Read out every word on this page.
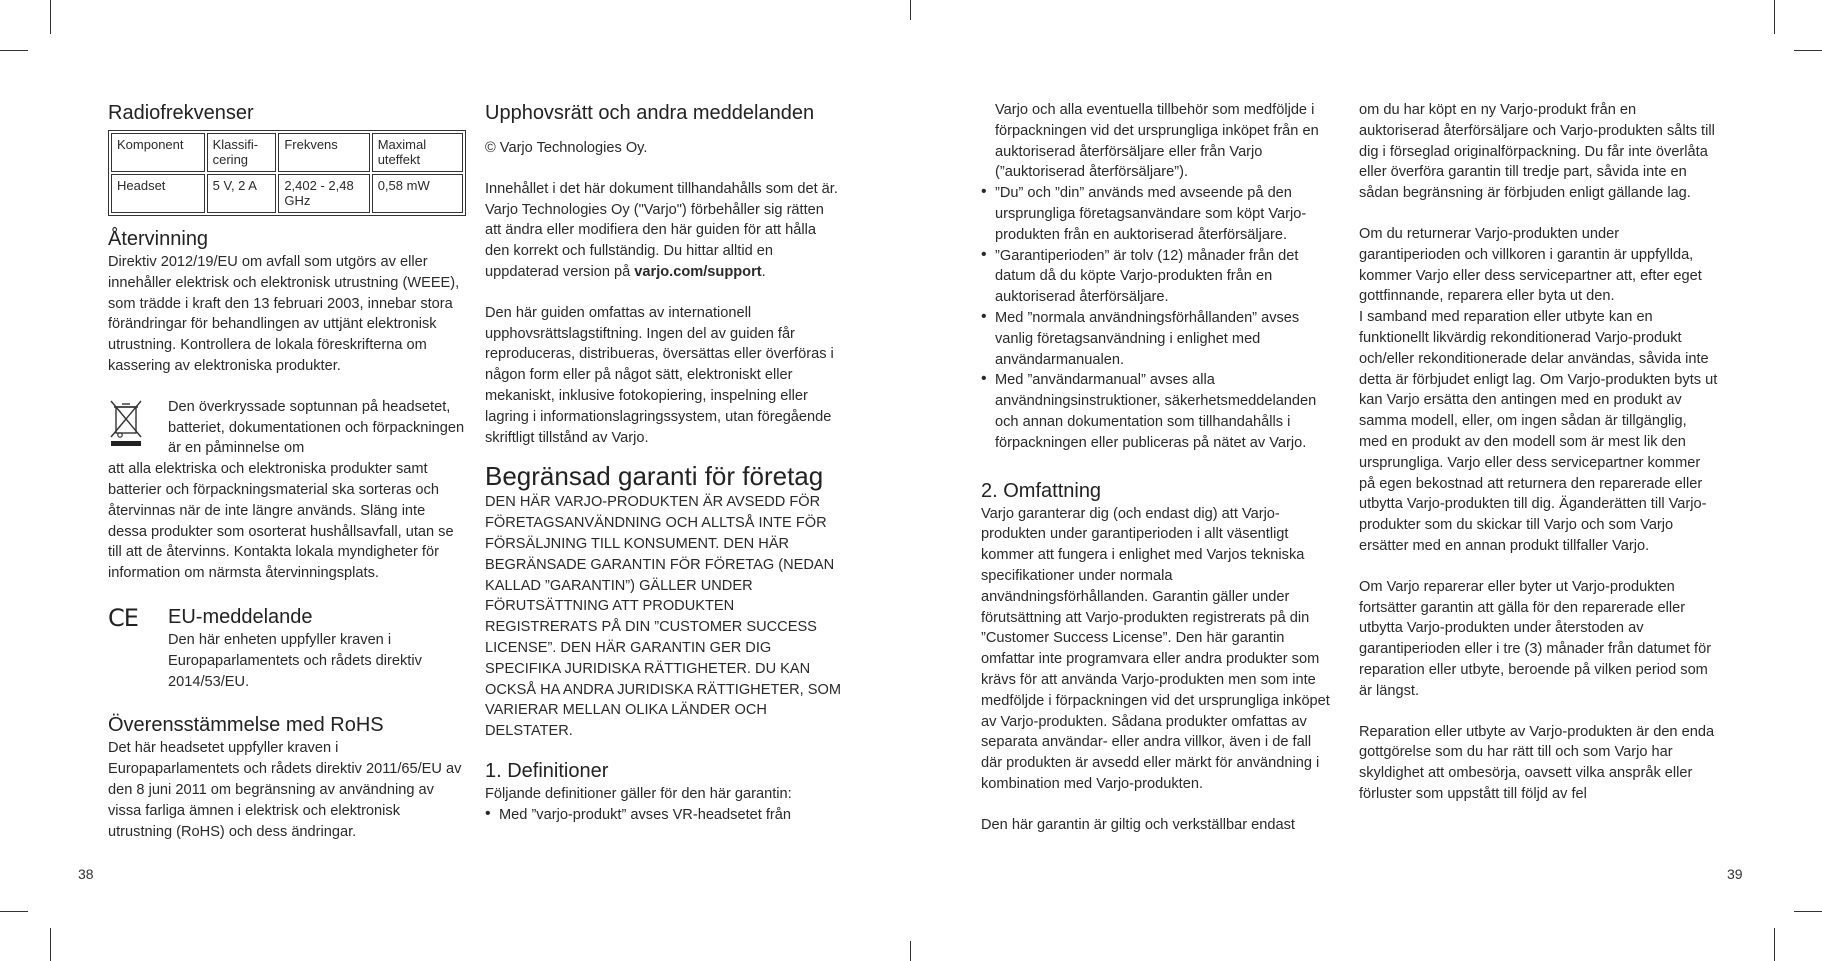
Radiofrekvenser
Komponent	Klassifi-cering	Frekvens	Maximal uteffekt
Headset	5 V, 2 A	2,402 - 2,48 GHz	0,58 mW
Återvinning

Direktiv 2012/19/EU om avfall som utgörs av eller innehåller elektrisk och elektronisk utrustning (WEEE), som trädde i kraft den 13 februari 2003, innebar stora förändringar för behandlingen av uttjänt elektronisk utrustning. Kontrollera de lokala föreskrifterna om kassering av elektroniska produkter.

Den överkryssade soptunnan på headsetet, batteriet, dokumentationen och förpackningen är en påminnelse om

att alla elektriska och elektroniska produkter samt batterier och förpackningsmaterial ska sorteras och återvinnas när de inte längre används. Släng inte dessa produkter som osorterat hushållsavfall, utan se till att de återvinns. Kontakta lokala myndigheter för information om närmsta återvinningsplats.

CE EU-meddelande

Den här enheten uppfyller kraven i Europaparlamentets och rådets direktiv 2014/53/EU.

Överensstämmelse med RoHS

Det här headsetet uppfyller kraven i Europaparlamentets och rådets direktiv 2011/65/EU av den 8 juni 2011 om begränsning av användning av vissa farliga ämnen i elektrisk och elektronisk utrustning (RoHS) och dess ändringar.

Upphovsrätt och andra meddelanden

© Varjo Technologies Oy.

Innehållet i det här dokument tillhandahålls som det är. Varjo Technologies Oy ("Varjo") förbehåller sig rätten att ändra eller modifiera den här guiden för att hålla den korrekt och fullständig. Du hittar alltid en uppdaterad version på varjo.com/support.

Den här guiden omfattas av internationell upphovsrättslagstiftning. Ingen del av guiden får reproduceras, distribueras, översättas eller överföras i någon form eller på något sätt, elektroniskt eller mekaniskt, inklusive fotokopiering, inspelning eller lagring i informationslagringssystem, utan föregående skriftligt tillstånd av Varjo.

Begränsad garanti för företag

DEN HÄR VARJO-PRODUKTEN ÄR AVSEDD FÖR FÖRETAGSANVÄNDNING OCH ALLTSÅ INTE FÖR FÖRSÄLJNING TILL KONSUMENT. DEN HÄR BEGRÄNSADE GARANTIN FÖR FÖRETAG (NEDAN KALLAD ”GARANTIN”) GÄLLER UNDER FÖRUTSÄTTNING ATT PRODUKTEN REGISTRERATS PÅ DIN ”CUSTOMER SUCCESS LICENSE”. DEN HÄR GARANTIN GER DIG SPECIFIKA JURIDISKA RÄTTIGHETER. DU KAN OCKSÅ HA ANDRA JURIDISKA RÄTTIGHETER, SOM VARIERAR MELLAN OLIKA LÄNDER OCH DELSTATER.

1. Definitioner

Följande definitioner gäller för den här garantin:

• Med ”varjo-produkt” avses VR-headsetet från

38

Varjo och alla eventuella tillbehör som medföljde i förpackningen vid det ursprungliga inköpet från en auktoriserad återförsäljare eller från Varjo (”auktoriserad återförsäljare”).

• ”Du” och ”din” används med avseende på den ursprungliga företagsanvändare som köpt Varjo-produkten från en auktoriserad återförsäljare.

• ”Garantiperioden” är tolv (12) månader från det datum då du köpte Varjo-produkten från en auktoriserad återförsäljare.

• Med ”normala användningsförhållanden” avses vanlig företagsanvändning i enlighet med användarmanualen.

• Med ”användarmanual” avses alla användningsinstruktioner, säkerhetsmeddelanden och annan dokumentation som tillhandahålls i förpackningen eller publiceras på nätet av Varjo.

2. Omfattning

Varjo garanterar dig (och endast dig) att Varjo-produkten under garantiperioden i allt väsentligt kommer att fungera i enlighet med Varjos tekniska specifikationer under normala användningsförhållanden. Garantin gäller under förutsättning att Varjo-produkten registrerats på din ”Customer Success License”. Den här garantin omfattar inte programvara eller andra produkter som krävs för att använda Varjo-produkten men som inte medföljde i förpackningen vid det ursprungliga inköpet av Varjo-produkten. Sådana produkter omfattas av separata användar- eller andra villkor, även i de fall där produkten är avsedd eller märkt för användning i kombination med Varjo-produkten.

Den här garantin är giltig och verkställbar endast

om du har köpt en ny Varjo-produkt från en auktoriserad återförsäljare och Varjo-produkten sålts till dig i förseglad originalförpackning. Du får inte överlåta eller överföra garantin till tredje part, såvida inte en sådan begränsning är förbjuden enligt gällande lag.

Om du returnerar Varjo-produkten under garantiperioden och villkoren i garantin är uppfyllda, kommer Varjo eller dess servicepartner att, efter eget gottfinnande, reparera eller byta ut den.

I samband med reparation eller utbyte kan en funktionellt likvärdig rekonditionerad Varjo-produkt och/eller rekonditionerade delar användas, såvida inte detta är förbjudet enligt lag. Om Varjo-produkten byts ut kan Varjo ersätta den antingen med en produkt av samma modell, eller, om ingen sådan är tillgänglig, med en produkt av den modell som är mest lik den ursprungliga. Varjo eller dess servicepartner kommer på egen bekostnad att returnera den reparerade eller utbytta Varjo-produkten till dig. Äganderätten till Varjo-produkter som du skickar till Varjo och som Varjo ersätter med en annan produkt tillfaller Varjo.

Om Varjo reparerar eller byter ut Varjo-produkten fortsätter garantin att gälla för den reparerade eller utbytta Varjo-produkten under återstoden av garantiperioden eller i tre (3) månader från datumet för reparation eller utbyte, beroende på vilken period som är längst.

Reparation eller utbyte av Varjo-produkten är den enda gottgörelse som du har rätt till och som Varjo har skyldighet att ombesörja, oavsett vilka anspråk eller förluster som uppstått till följd av fel

39
